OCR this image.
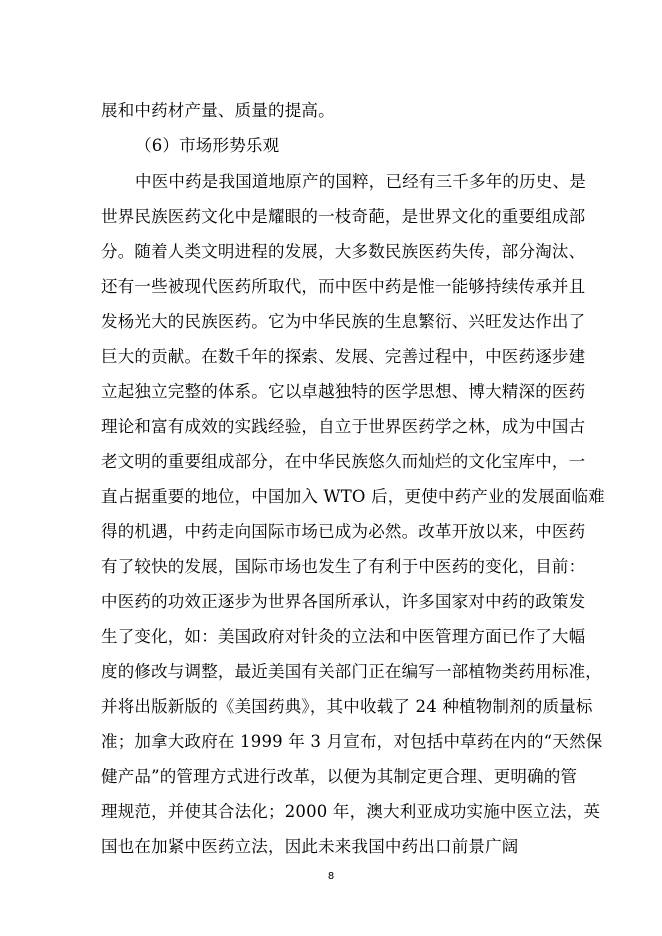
展和中药材产量、质量的提高。
（6）市场形势乐观
中医中药是我国道地原产的国粹，已经有三千多年的历史、是
世界民族医药文化中是耀眼的一枝奇葩，是世界文化的重要组成部
分。随着人类文明进程的发展，大多数民族医药失传，部分淘汰、
还有一些被现代医药所取代，而中医中药是惟一能够持续传承并且
发杨光大的民族医药。它为中华民族的生息繁衍、兴旺发达作出了
巨大的贡献。在数千年的探索、发展、完善过程中，中医药逐步建
立起独立完整的体系。它以卓越独特的医学思想、博大精深的医药
理论和富有成效的实践经验，自立于世界医药学之林，成为中国古
老文明的重要组成部分，在中华民族悠久而灿烂的文化宝库中，一
直占据重要的地位，中国加入 WTO 后，更使中药产业的发展面临难
得的机遇，中药走向国际市场已成为必然。改革开放以来，中医药
有了较快的发展，国际市场也发生了有利于中医药的变化，目前：
中医药的功效正逐步为世界各国所承认，许多国家对中药的政策发
生了变化，如：美国政府对针灸的立法和中医管理方面已作了大幅
度的修改与调整，最近美国有关部门正在编写一部植物类药用标准，
并将出版新版的《美国药典》，其中收载了 24 种植物制剂的质量标
准；加拿大政府在 1999 年 3 月宣布，对包括中草药在内的“天然保
健产品”的管理方式进行改革，以便为其制定更合理、更明确的管
理规范，并使其合法化；2000 年，澳大利亚成功实施中医立法，英
国也在加紧中医药立法，因此未来我国中药出口前景广阔
8
